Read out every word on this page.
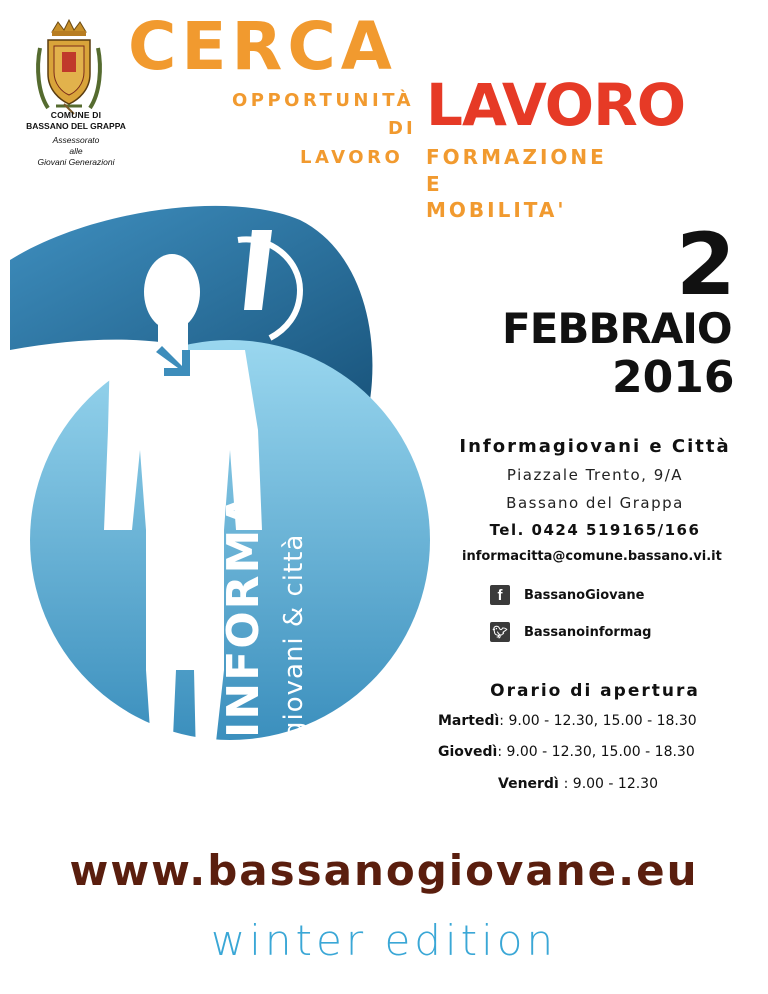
COMUNE DI
BASSANO DEL GRAPPA
Assessorato
alle
Giovani Generazioni
CERCA
OPPORTUNITÀ
DI
LAVORO
LAVORO
FORMAZIONE
E
MOBILITA'
2
FEBBRAIO
2016
INFORMA giovani & città
Informagiovani e Città
Piazzale Trento, 9/A
Bassano del Grappa
Tel. 0424 519165/166
informacitta@comune.bassano.vi.it
f	BassanoGiovane
🐦︎ Bassanoinformag
Orario di apertura
Martedì: 9.00 - 12.30, 15.00 - 18.30
Giovedì: 9.00 - 12.30, 15.00 - 18.30
Venerdì : 9.00 - 12.30
www.bassanogiovane.eu
winter edition
